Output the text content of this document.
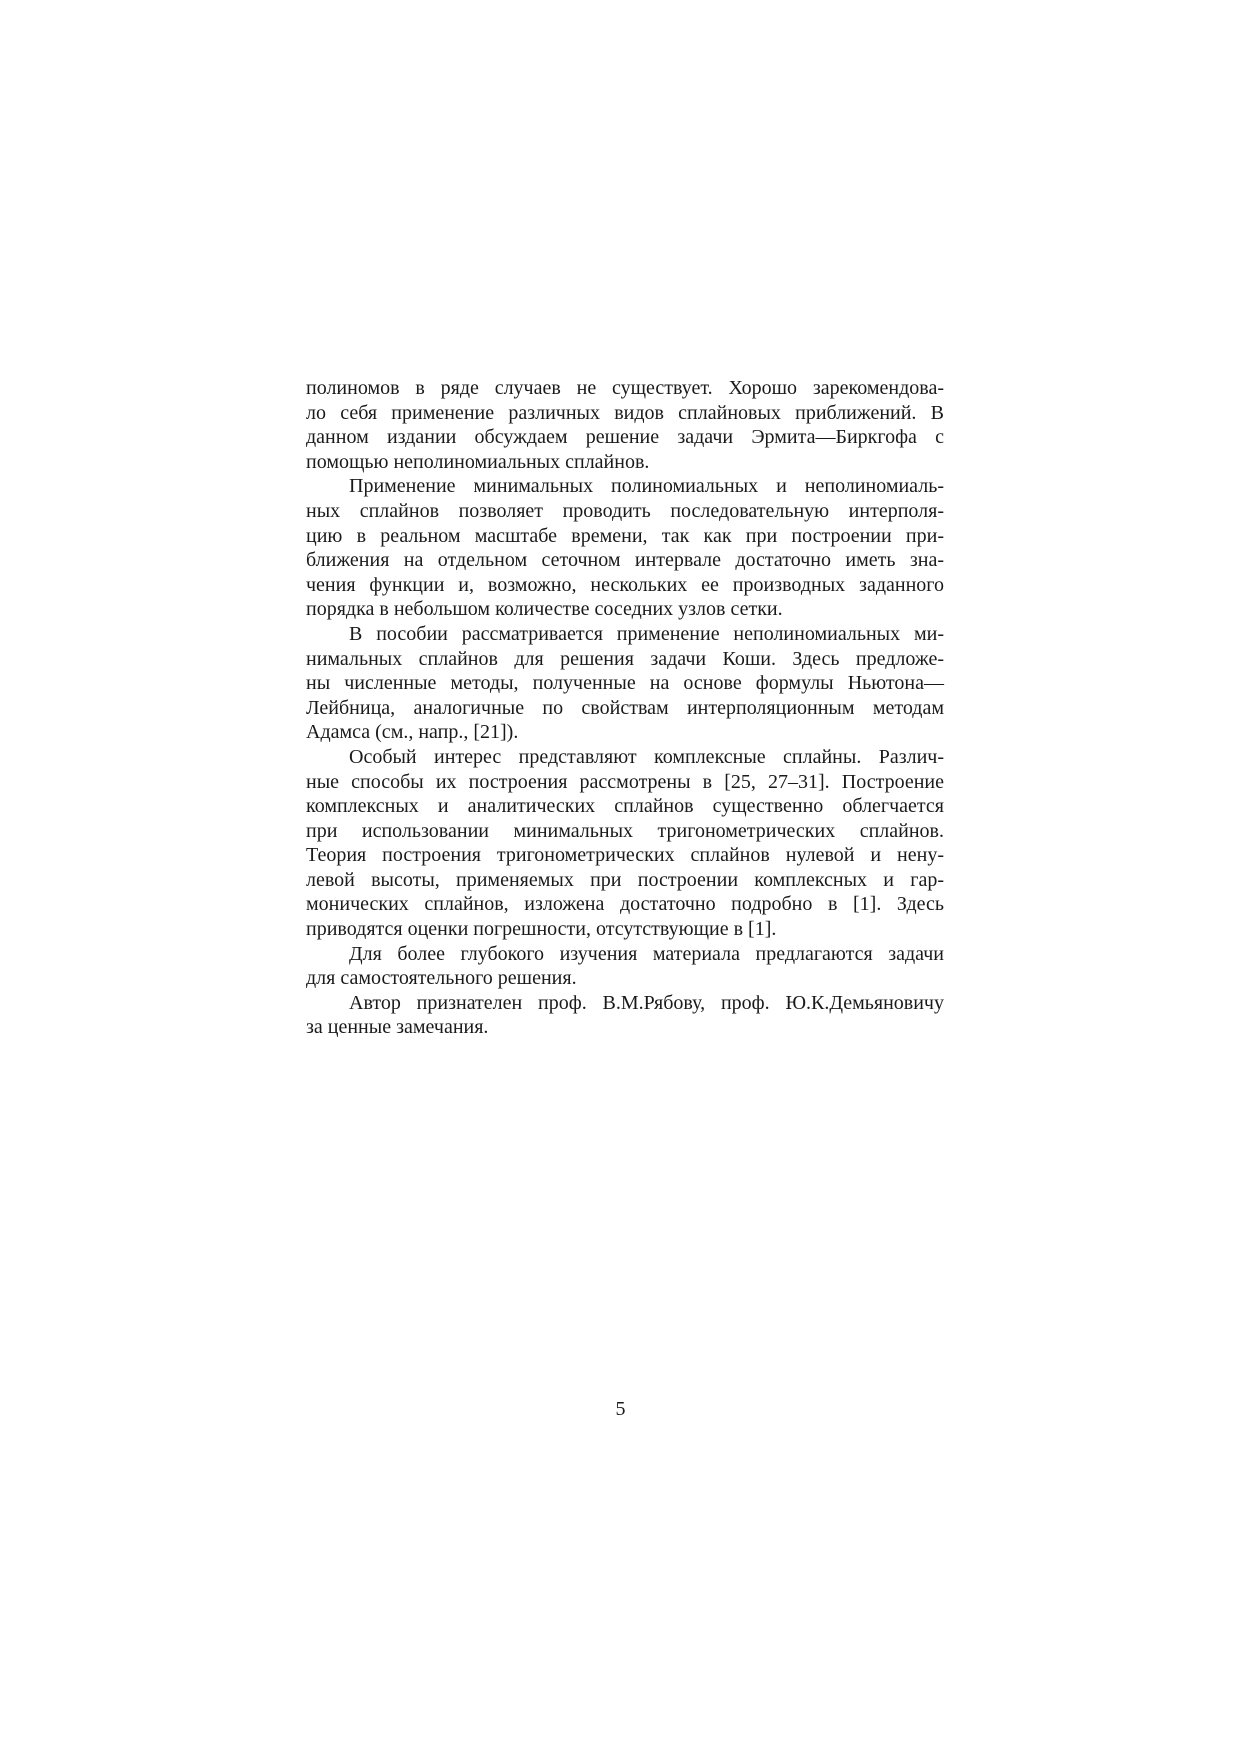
полиномов в ряде случаев не существует. Хорошо зарекомендова-
ло себя применение различных видов сплайновых приближений. В
данном издании обсуждаем решение задачи Эрмита—Биркгофа с
помощью неполиномиальных сплайнов.
Применение минимальных полиномиальных и неполиномиаль-
ных сплайнов позволяет проводить последовательную интерполя-
цию в реальном масштабе времени, так как при построении при-
ближения на отдельном сеточном интервале достаточно иметь зна-
чения функции и, возможно, нескольких ее производных заданного
порядка в небольшом количестве соседних узлов сетки.
В пособии рассматривается применение неполиномиальных ми-
нимальных сплайнов для решения задачи Коши. Здесь предложе-
ны численные методы, полученные на основе формулы Ньютона—
Лейбница, аналогичные по свойствам интерполяционным методам
Адамса (см., напр., [21]).
Особый интерес представляют комплексные сплайны. Различ-
ные способы их построения рассмотрены в [25, 27–31]. Построение
комплексных и аналитических сплайнов существенно облегчается
при использовании минимальных тригонометрических сплайнов.
Теория построения тригонометрических сплайнов нулевой и нену-
левой высоты, применяемых при построении комплексных и гар-
монических сплайнов, изложена достаточно подробно в [1]. Здесь
приводятся оценки погрешности, отсутствующие в [1].
Для более глубокого изучения материала предлагаются задачи
для самостоятельного решения.
Автор признателен проф. В.М.Рябову, проф. Ю.К.Демьяновичу
за ценные замечания.
5
